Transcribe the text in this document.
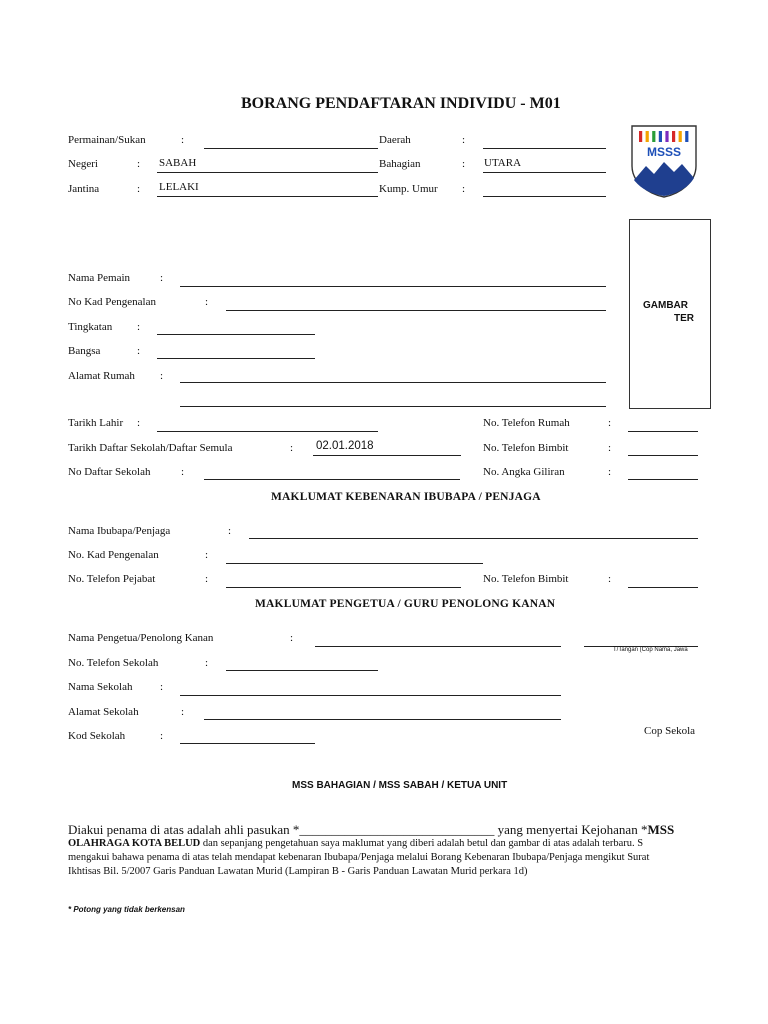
BORANG PENDAFTARAN INDIVIDU - M01
Permainan/Sukan	:	Daerah	:
Negeri	: SABAH	Bahagian	: UTARA
Jantina	: LELAKI	Kump. Umur :
MSSS
GAMBAR
TER
Nama Pemain	:
No Kad Pengenalan	:
Tingkatan :
Bangsa	:
Alamat Rumah :
Tarikh Lahir :	No. Telefon Rumah	:
Tarikh Daftar Sekolah/Daftar Semula	: 02.01.2018	No. Telefon Bimbit	:
No Daftar Sekolah	:	No. Angka Giliran	:
MAKLUMAT KEBENARAN IBUBAPA / PENJAGA
Nama Ibubapa/Penjaga	:
No. Kad Pengenalan	:
No. Telefon Pejabat	:	No. Telefon Bimbit	:
MAKLUMAT PENGETUA / GURU PENOLONG KANAN
Nama Pengetua/Penolong Kanan	:
T/Tangan (Cop Nama, Jawa
No. Telefon Sekolah	:
Nama Sekolah	:
Alamat Sekolah	:
Kod Sekolah	:	Cop Sekola
MSS BAHAGIAN / MSS SABAH / KETUA UNIT
Diakui penama di atas adalah ahli pasukan *______________________________ yang menyertai Kejohanan *MSS
OLAHRAGA KOTA BELUD dan sepanjang pengetahuan saya maklumat yang diberi adalah betul dan gambar di atas adalah terbaru. S
mengakui bahawa penama di atas telah mendapat kebenaran Ibubapa/Penjaga melalui Borang Kebenaran Ibubapa/Penjaga mengikut Surat
Ikhtisas Bil. 5/2007 Garis Panduan Lawatan Murid (Lampiran B - Garis Panduan Lawatan Murid perkara 1d)
* Potong yang tidak berkensan
